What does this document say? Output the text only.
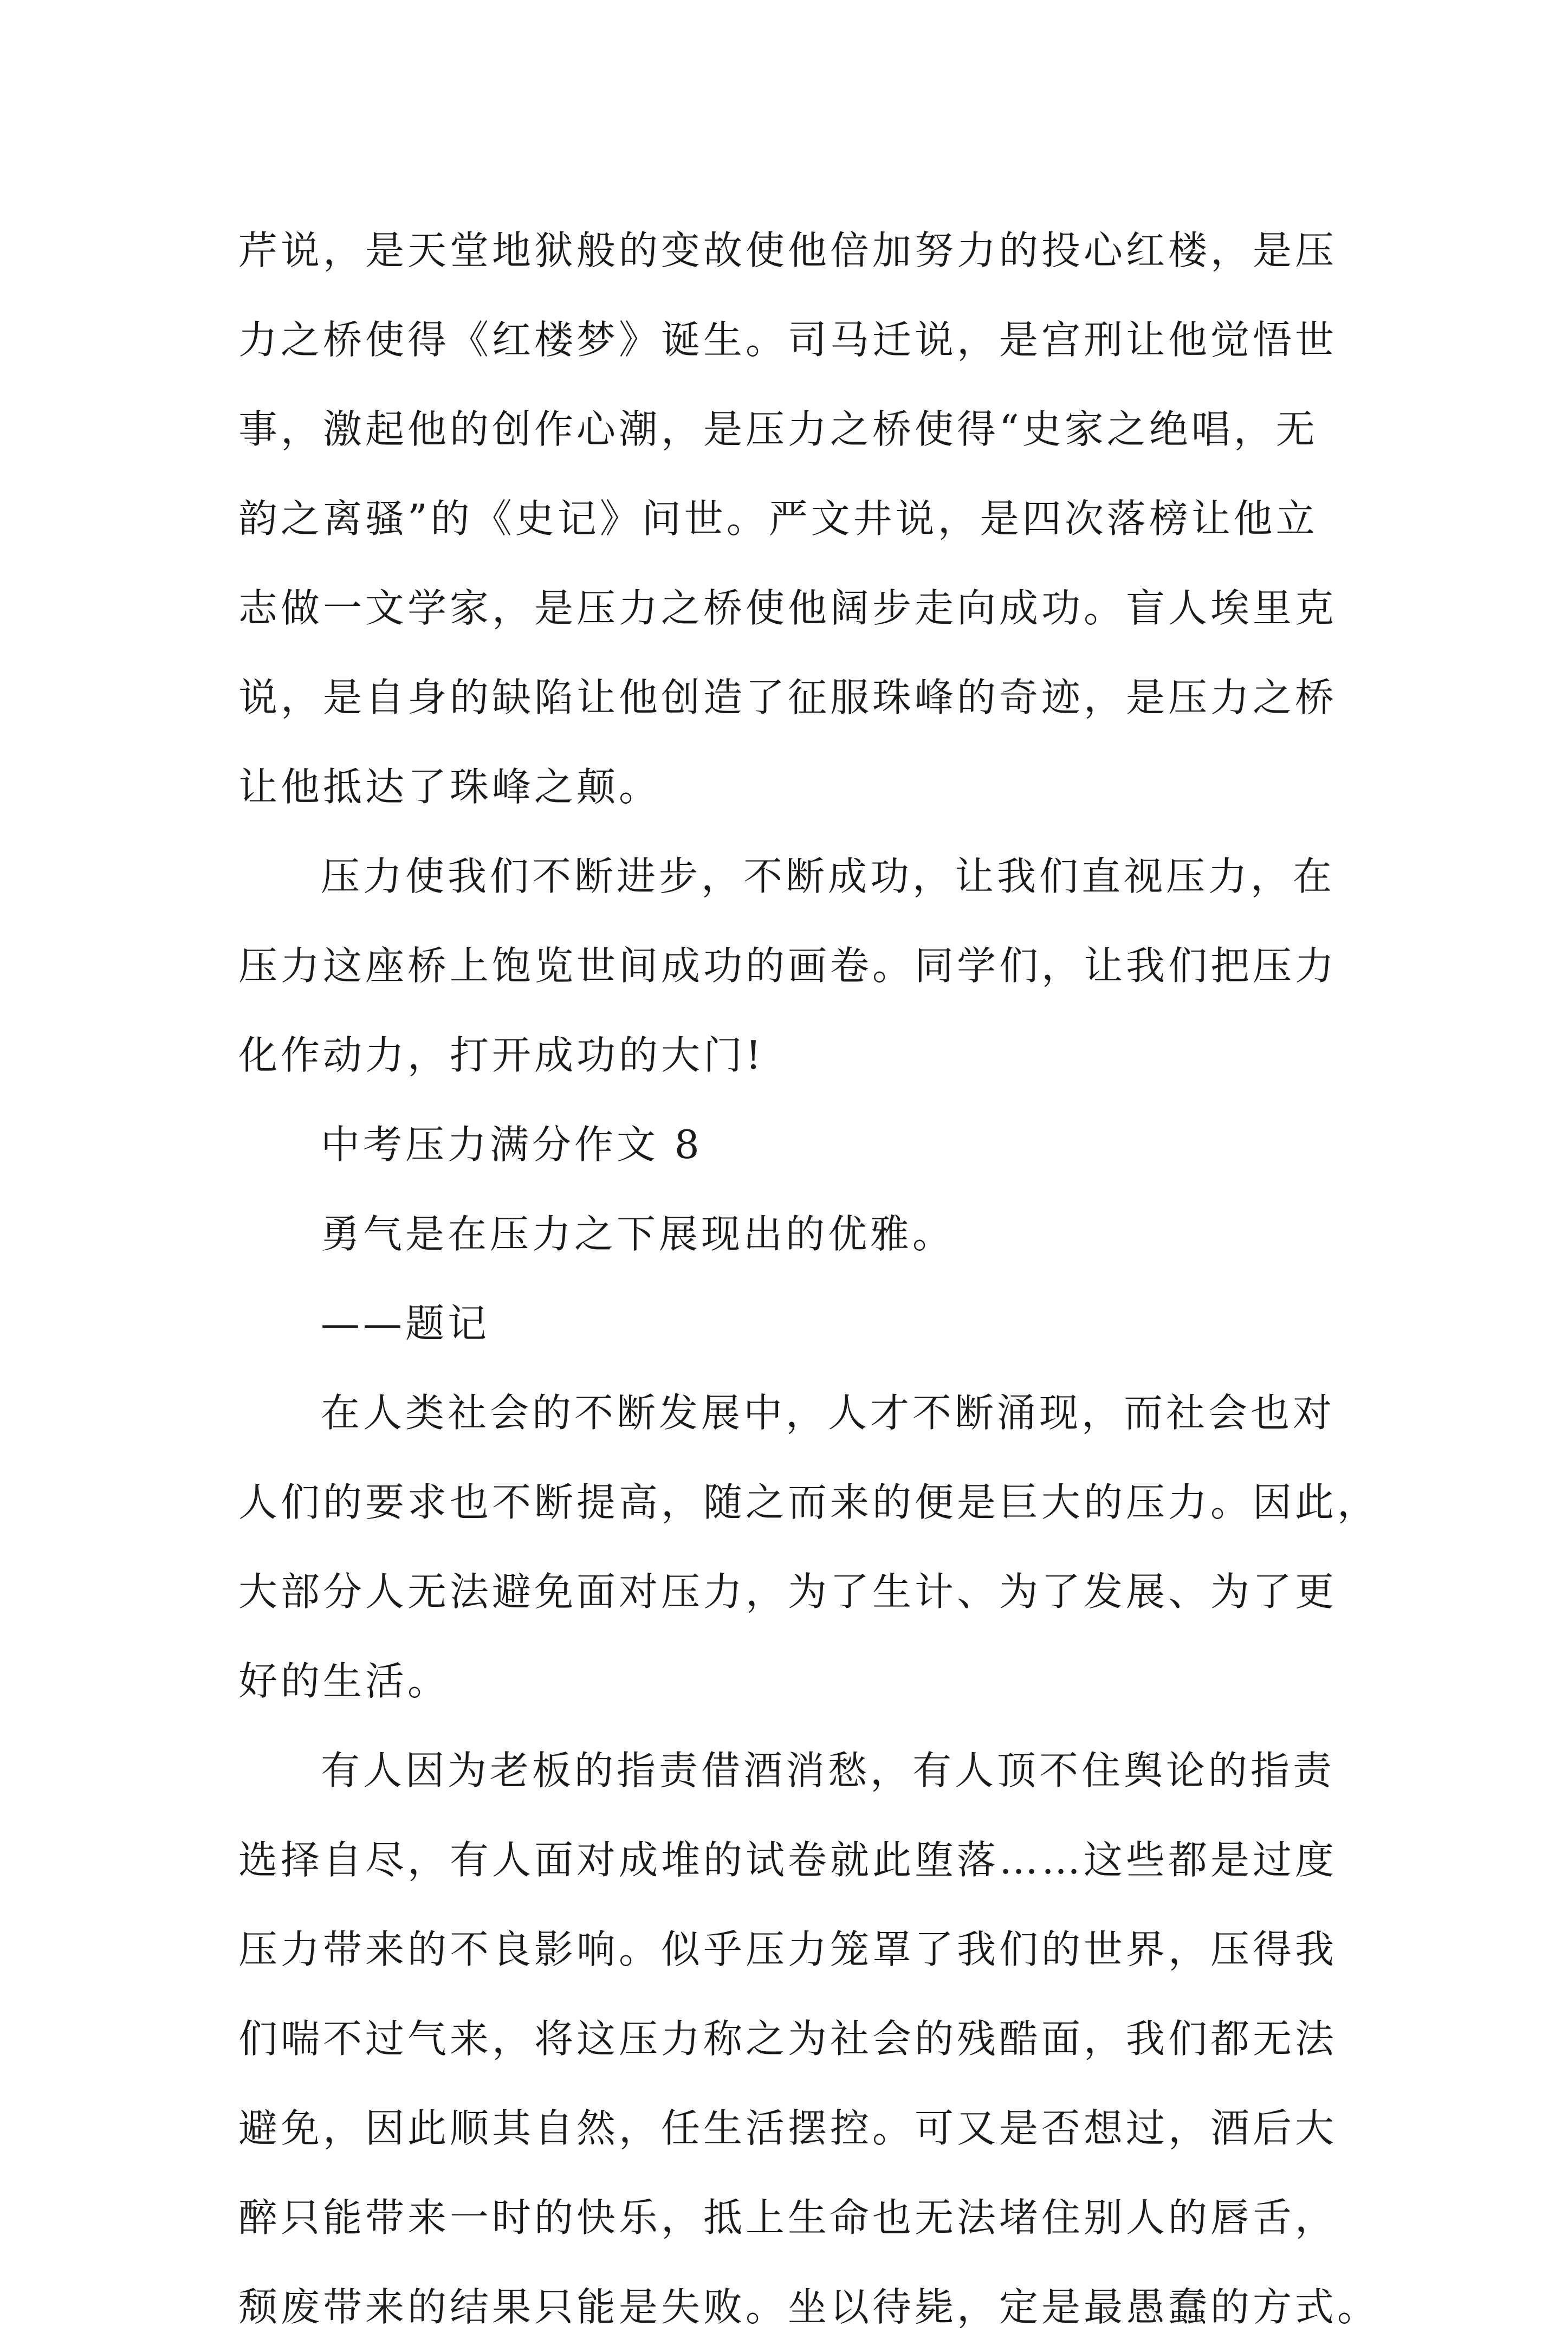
芹说，是天堂地狱般的变故使他倍加努力的投心红楼，是压
力之桥使得《红楼梦》诞生。司马迁说，是宫刑让他觉悟世
事，激起他的创作心潮，是压力之桥使得“史家之绝唱，无
韵之离骚”的《史记》问世。严文井说，是四次落榜让他立
志做一文学家，是压力之桥使他阔步走向成功。盲人埃里克
说，是自身的缺陷让他创造了征服珠峰的奇迹，是压力之桥
让他抵达了珠峰之颠。
压力使我们不断进步，不断成功，让我们直视压力，在
压力这座桥上饱览世间成功的画卷。同学们，让我们把压力
化作动力，打开成功的大门!
中考压力满分作文 8
勇气是在压力之下展现出的优雅。
——题记
在人类社会的不断发展中，人才不断涌现，而社会也对
人们的要求也不断提高，随之而来的便是巨大的压力。因此，
大部分人无法避免面对压力，为了生计、为了发展、为了更
好的生活。
有人因为老板的指责借酒消愁，有人顶不住舆论的指责
选择自尽，有人面对成堆的试卷就此堕落……这些都是过度
压力带来的不良影响。似乎压力笼罩了我们的世界，压得我
们喘不过气来，将这压力称之为社会的残酷面，我们都无法
避免，因此顺其自然，任生活摆控。可又是否想过，酒后大
醉只能带来一时的快乐，抵上生命也无法堵住别人的唇舌，
颓废带来的结果只能是失败。坐以待毙，定是最愚蠢的方式。
